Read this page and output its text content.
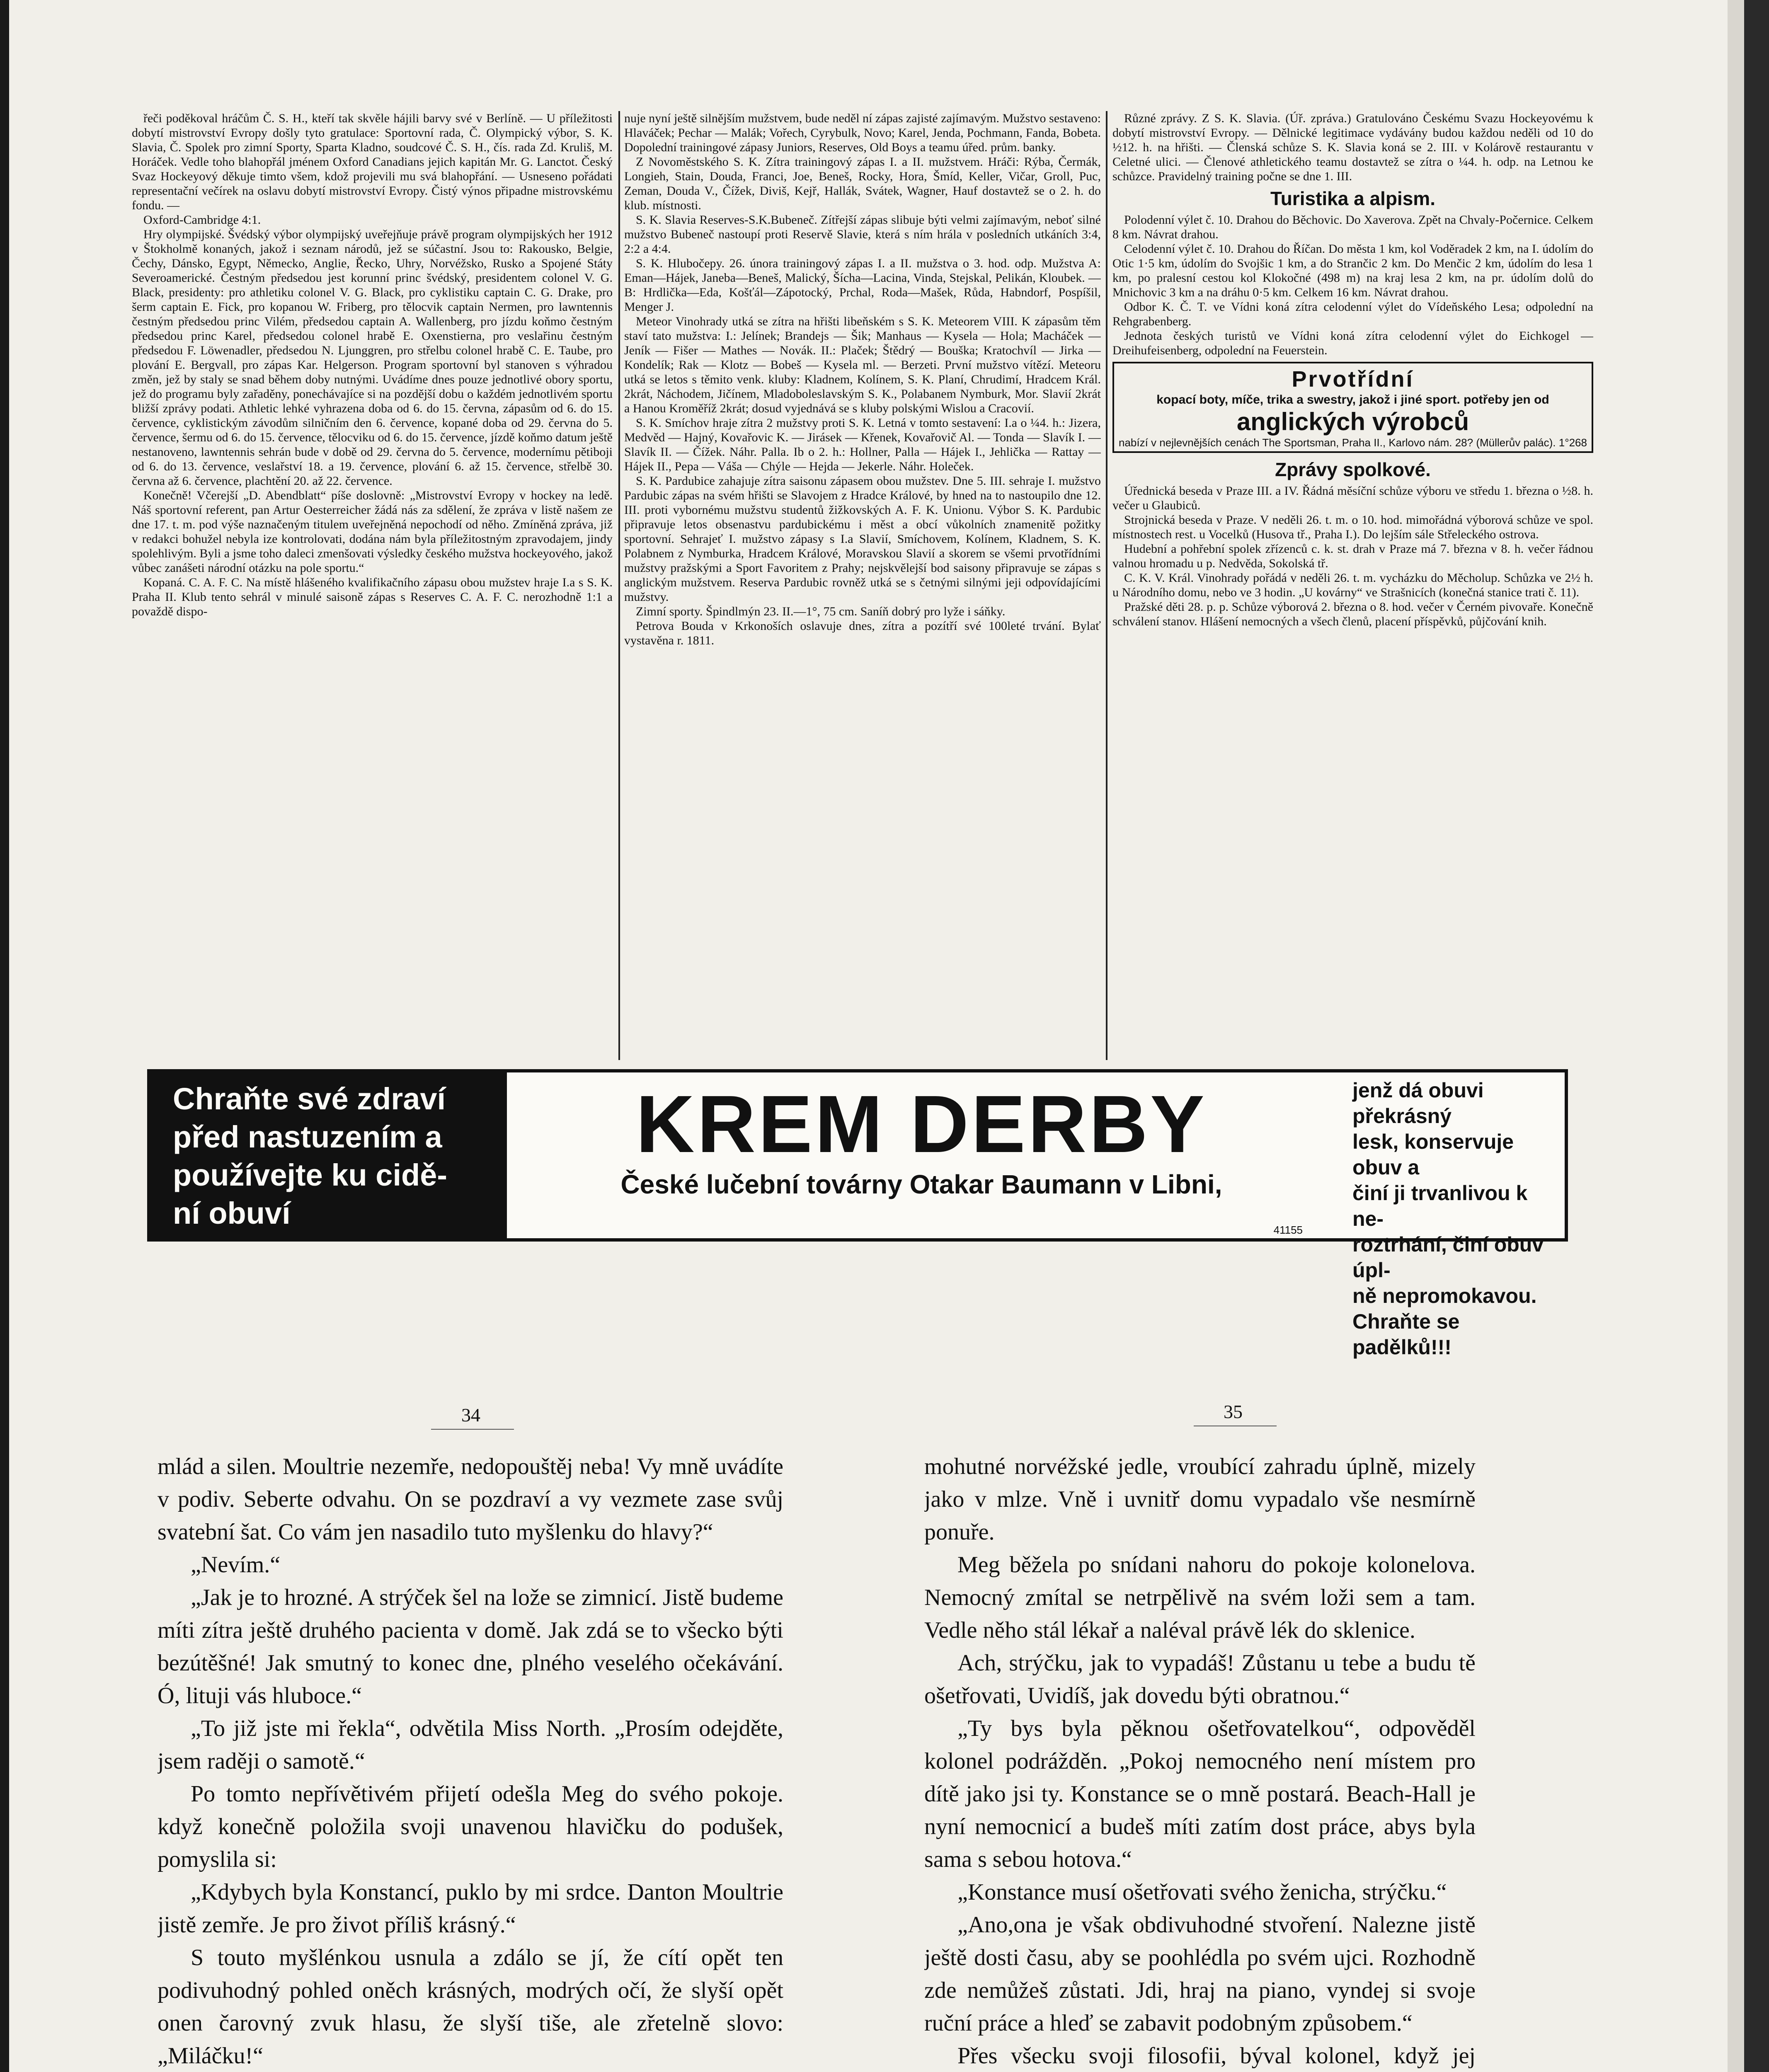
řeči poděkoval hráčům Č. S. H., kteří tak skvěle hájili barvy své v Berlíně. — U příležitosti dobytí mistrovství Evropy došly tyto gratulace: Sportovní rada, Č. Olympický výbor, S. K. Slavia, Č. Spolek pro zimní Sporty, Sparta Kladno, soudcové Č. S. H., čís. rada Zd. Kruliš, M. Horáček. Vedle toho blahopřál jménem Oxford Canadians jejich kapitán Mr. G. Lanctot. Český Svaz Hockeyový děkuje timto všem, kdož projevili mu svá blahopřání. — Usneseno pořádati representační večírek na oslavu dobytí mistrovství Evropy. Čistý výnos připadne mistrovskému fondu. —

Oxford-Cambridge 4:1.

Hry olympijské. Švédský výbor olympijský uveřejňuje právě program olympijských her 1912 v Štokholmě konaných, jakož i seznam národů, jež se súčastní. Jsou to: Rakousko, Belgie, Čechy, Dánsko, Egypt, Německo, Anglie, Řecko, Uhry, Norvéžsko, Rusko a Spojené Státy Severoamerické. Čestným předsedou jest korunní princ švédský, presidentem colonel V. G. Black, presidenty: pro athletiku colonel V. G. Black, pro cyklistiku captain C. G. Drake, pro šerm captain E. Fick, pro kopanou W. Friberg, pro tělocvik captain Nermen, pro lawntennis čestným předsedou princ Vilém, předsedou captain A. Wallenberg, pro jízdu koňmo čestným předsedou princ Karel, předsedou colonel hrabě E. Oxenstierna, pro veslařinu čestným předsedou F. Löwenadler, předsedou N. Ljunggren, pro střelbu colonel hrabě C. E. Taube, pro plování E. Bergvall, pro zápas Kar. Helgerson. Program sportovní byl stanoven s výhradou změn, jež by staly se snad během doby nutnými. Uvádíme dnes pouze jednotlivé obory sportu, jež do programu byly zařaděny, ponechávajíce si na pozdější dobu o každém jednotlivém sportu bližší zprávy podati. Athletic lehké vyhrazena doba od 6. do 15. června, zápasům od 6. do 15. července, cyklistickým závodům silničním den 6. července, kopané doba od 29. června do 5. července, šermu od 6. do 15. července, tělocviku od 6. do 15. července, jízdě koňmo datum ještě nestanoveno, lawntennis sehrán bude v době od 29. června do 5. července, modernímu pětiboji od 6. do 13. července, veslařství 18. a 19. července, plování 6. až 15. července, střelbě 30. června až 6. července, plachtění 20. až 22. července.

Konečně! Včerejší „D. Abendblatt“ píše doslovně: „Mistrovství Evropy v hockey na ledě. Náš sportovní referent, pan Artur Oesterreicher žádá nás za sdělení, že zpráva v listě našem ze dne 17. t. m. pod výše naznačeným titulem uveřejněná nepochodí od něho. Zmíněná zpráva, již v redakci bohužel nebyla ize kontrolovati, dodána nám byla příležitostným zpravodajem, jindy spolehlivým. Byli a jsme toho daleci zmenšovati výsledky českého mužstva hockeyového, jakož vůbec zanášeti národní otázku na pole sportu.“

Kopaná. C. A. F. C. Na místě hlášeného kvalifikačního zápasu obou mužstev hraje I.a s S. K. Praha II. Klub tento sehrál v minulé saisoně zápas s Reserves C. A. F. C. nerozhodně 1:1 a považdě dispo-

nuje nyní ještě silnějším mužstvem, bude neděl ní zápas zajisté zajímavým. Mužstvo sestaveno: Hlaváček; Pechar — Malák; Vořech, Cyrybulk, Novo; Karel, Jenda, Pochmann, Fanda, Bobeta. Dopolední trainingové zápasy Juniors, Reserves, Old Boys a teamu úřed. prům. banky.

Z Novoměstského S. K. Zítra trainingový zápas I. a II. mužstvem. Hráči: Rýba, Čermák, Longieh, Stain, Douda, Franci, Joe, Beneš, Rocky, Hora, Šmíd, Keller, Vičar, Groll, Puc, Zeman, Douda V., Čížek, Diviš, Kejř, Hallák, Svátek, Wagner, Hauf dostavtež se o 2. h. do klub. místnosti.

S. K. Slavia Reserves-S.K.Bubeneč. Zítřejší zápas slibuje býti velmi zajímavým, neboť silné mužstvo Bubeneč nastoupí proti Reservě Slavie, která s ním hrála v posledních utkáních 3:4, 2:2 a 4:4.

S. K. Hlubočepy. 26. února trainingový zápas I. a II. mužstva o 3. hod. odp. Mužstva A: Eman—Hájek, Janeba—Beneš, Malický, Šícha—Lacina, Vinda, Stejskal, Pelikán, Kloubek. — B: Hrdlička—Eda, Košťál—Zápotocký, Prchal, Roda—Mašek, Růda, Habndorf, Pospíšil, Menger J.

Meteor Vinohrady utká se zítra na hřišti libeňském s S. K. Meteorem VIII. K zápasům těm staví tato mužstva: I.: Jelínek; Brandejs — Šik; Manhaus — Kysela — Hola; Macháček — Jeník — Fišer — Mathes — Novák. II.: Plaček; Štědrý — Bouška; Kratochvíl — Jirka — Kondelík; Rak — Klotz — Bobeš — Kysela ml. — Berzeti. První mužstvo vítězí. Meteoru utká se letos s těmito venk. kluby: Kladnem, Kolínem, S. K. Planí, Chrudimí, Hradcem Král. 2krát, Náchodem, Jičínem, Mladoboleslavským S. K., Polabanem Nymburk, Mor. Slavií 2krát a Hanou Kroměříž 2krát; dosud vyjednává se s kluby polskými Wislou a Cracovií.

S. K. Smíchov hraje zítra 2 mužstvy proti S. K. Letná v tomto sestavení: I.a o ¼4. h.: Jizera, Medvěd — Hajný, Kovařovic K. — Jirásek — Křenek, Kovařovič Al. — Tonda — Slavík I. — Slavík II. — Čížek. Náhr. Palla. Ib o 2. h.: Hollner, Palla — Hájek I., Jehlička — Rattay — Hájek II., Pepa — Váša — Chýle — Hejda — Jekerle. Náhr. Holeček.

S. K. Pardubice zahajuje zítra saisonu zápasem obou mužstev. Dne 5. III. sehraje I. mužstvo Pardubic zápas na svém hřišti se Slavojem z Hradce Králové, by hned na to nastoupilo dne 12. III. proti vybornému mužstvu studentů žižkovských A. F. K. Unionu. Výbor S. K. Pardubic připravuje letos obsenastvu pardubickému i měst a obcí vůkolních znamenitě požitky sportovní. Sehrajeť I. mužstvo zápasy s I.a Slavií, Smíchovem, Kolínem, Kladnem, S. K. Polabnem z Nymburka, Hradcem Králové, Moravskou Slavií a skorem se všemi prvotřídními mužstvy pražskými a Sport Favoritem z Prahy; nejskvělejší bod saisony připravuje se zápas s anglickým mužstvem. Reserva Pardubic rovněž utká se s četnými silnými jeji odpovídajícími mužstvy.

Zimní sporty. Špindlmýn 23. II.—1°, 75 cm. Saníň dobrý pro lyže i sáňky.

Petrova Bouda v Krkonoších oslavuje dnes, zítra a pozítří své 100leté trvání. Bylať vystavěna r. 1811.

Různé zprávy. Z S. K. Slavia. (Úř. zpráva.) Gratulováno Českému Svazu Hockeyovému k dobytí mistrovství Evropy. — Dělnické legitimace vydávány budou každou neděli od 10 do ½12. h. na hřišti. — Členská schůze S. K. Slavia koná se 2. III. v Kolárově restaurantu v Celetné ulici. — Členové athletického teamu dostavtež se zítra o ¼4. h. odp. na Letnou ke schůzce. Pravidelný training počne se dne 1. III.

Turistika a alpism.

Polodenní výlet č. 10. Drahou do Běchovic. Do Xaverova. Zpět na Chvaly-Počernice. Celkem 8 km. Návrat drahou.

Celodenní výlet č. 10. Drahou do Říčan. Do města 1 km, kol Voděradek 2 km, na I. údolím do Otic 1·5 km, údolím do Svojšic 1 km, a do Strančic 2 km. Do Menčic 2 km, údolím do lesa 1 km, po pralesní cestou kol Klokočné (498 m) na kraj lesa 2 km, na pr. údolím dolů do Mnichovic 3 km a na dráhu 0·5 km. Celkem 16 km. Návrat drahou.

Odbor K. Č. T. ve Vídni koná zítra celodenní výlet do Vídeňského Lesa; odpolední na Rehgrabenberg.

Jednota českých turistů ve Vídni koná zítra celodenní výlet do Eichkogel — Dreihufeisenberg, odpolední na Feuerstein.

Prvotřídní
kopací boty, míče, trika a swestry, jakož i jiné sport. potřeby jen od
anglických výrobců
nabízí v nejlevnějších cenách The Sportsman, Praha II., Karlovo nám. 28? (Müllerův palác). 1°268
Zprávy spolkové.

Úřednická beseda v Praze III. a IV. Řádná měsíční schůze výboru ve středu 1. března o ½8. h. večer u Glaubiců.

Strojnická beseda v Praze. V neděli 26. t. m. o 10. hod. mimořádná výborová schůze ve spol. místnostech rest. u Vocelků (Husova tř., Praha I.). Do lejším sále Střeleckého ostrova.

Hudební a pohřební spolek zřízenců c. k. st. drah v Praze má 7. března v 8. h. večer řádnou valnou hromadu u p. Nedvěda, Sokolská tř.

C. K. V. Král. Vinohrady pořádá v neděli 26. t. m. vycházku do Měcholup. Schůzka ve 2½ h. u Národního domu, nebo ve 3 hodin. „U kovárny“ ve Strašnicích (konečná stanice trati č. 11).

Pražské děti 28. p. p. Schůze výborová 2. března o 8. hod. večer v Černém pivovaře. Konečně schválení stanov. Hlášení nemocných a všech členů, placení příspěvků, půjčování knih.

Chraňte své zdraví
před nastuzením a
používejte ku cidě-
ní obuví
KREM DERBY
České lučební továrny Otakar Baumann v Libni,
41155
jenž dá obuvi překrásný
lesk, konservuje obuv a
činí ji trvanlivou k ne-
roztrhání, činí obuv úpl-
ně nepromokavou.
Chraňte se padělků!!!
34	35

mlád a silen. Moultrie nezemře, nedopouštěj neba! Vy mně uvádíte v podiv. Seberte odvahu. On se pozdraví a vy vezmete zase svůj svatební šat. Co vám jen nasadilo tuto myšlenku do hlavy?“

„Nevím.“

„Jak je to hrozné. A strýček šel na lože se zimnicí. Jistě budeme míti zítra ještě druhého pacienta v domě. Jak zdá se to všecko býti bezútěšné! Jak smutný to konec dne, plného veselého očekávání. Ó, lituji vás hluboce.“

„To již jste mi řekla“, odvětila Miss North. „Prosím odejděte, jsem raději o samotě.“

Po tomto nepřívětivém přijetí odešla Meg do svého pokoje. když konečně položila svoji unavenou hlavičku do podušek, pomyslila si:

„Kdybych byla Konstancí, puklo by mi srdce. Danton Moultrie jistě zemře. Je pro život příliš krásný.“

S touto myšlénkou usnula a zdálo se jí, že cítí opět ten podivuhodný pohled oněch krásných, modrých očí, že slyší opět onen čarovný zvuk hlasu, že slyší tiše, ale zřetelně slovo: „Miláčku!“

mohutné norvéžské jedle, vroubící zahradu úplně, mizely jako v mlze. Vně i uvnitř domu vypadalo vše nesmírně ponuře.

Meg běžela po snídani nahoru do pokoje kolonelova. Nemocný zmítal se netrpělivě na svém loži sem a tam. Vedle něho stál lékař a naléval právě lék do sklenice.

Ach, strýčku, jak to vypadáš! Zůstanu u tebe a budu tě ošetřovati, Uvidíš, jak dovedu býti obratnou.“

„Ty bys byla pěknou ošetřovatelkou“, odpověděl kolonel podrážděn. „Pokoj nemocného není místem pro dítě jako jsi ty. Konstance se o mně postará. Beach-Hall je nyní nemocnicí a budeš míti zatím dost práce, abys byla sama s sebou hotova.“

„Konstance musí ošetřovati svého ženicha, strýčku.“

„Ano,ona je však obdivuhodné stvoření. Nalezne jistě ještě dosti času, aby se poohlédla po svém ujci. Rozhodně zde nemůžeš zůstati. Jdi, hraj na piano, vyndej si svoje ruční práce a hleď se zabavit podobným způsobem.“

Přes všecku svoji filosofii, býval kolonel, když jej
